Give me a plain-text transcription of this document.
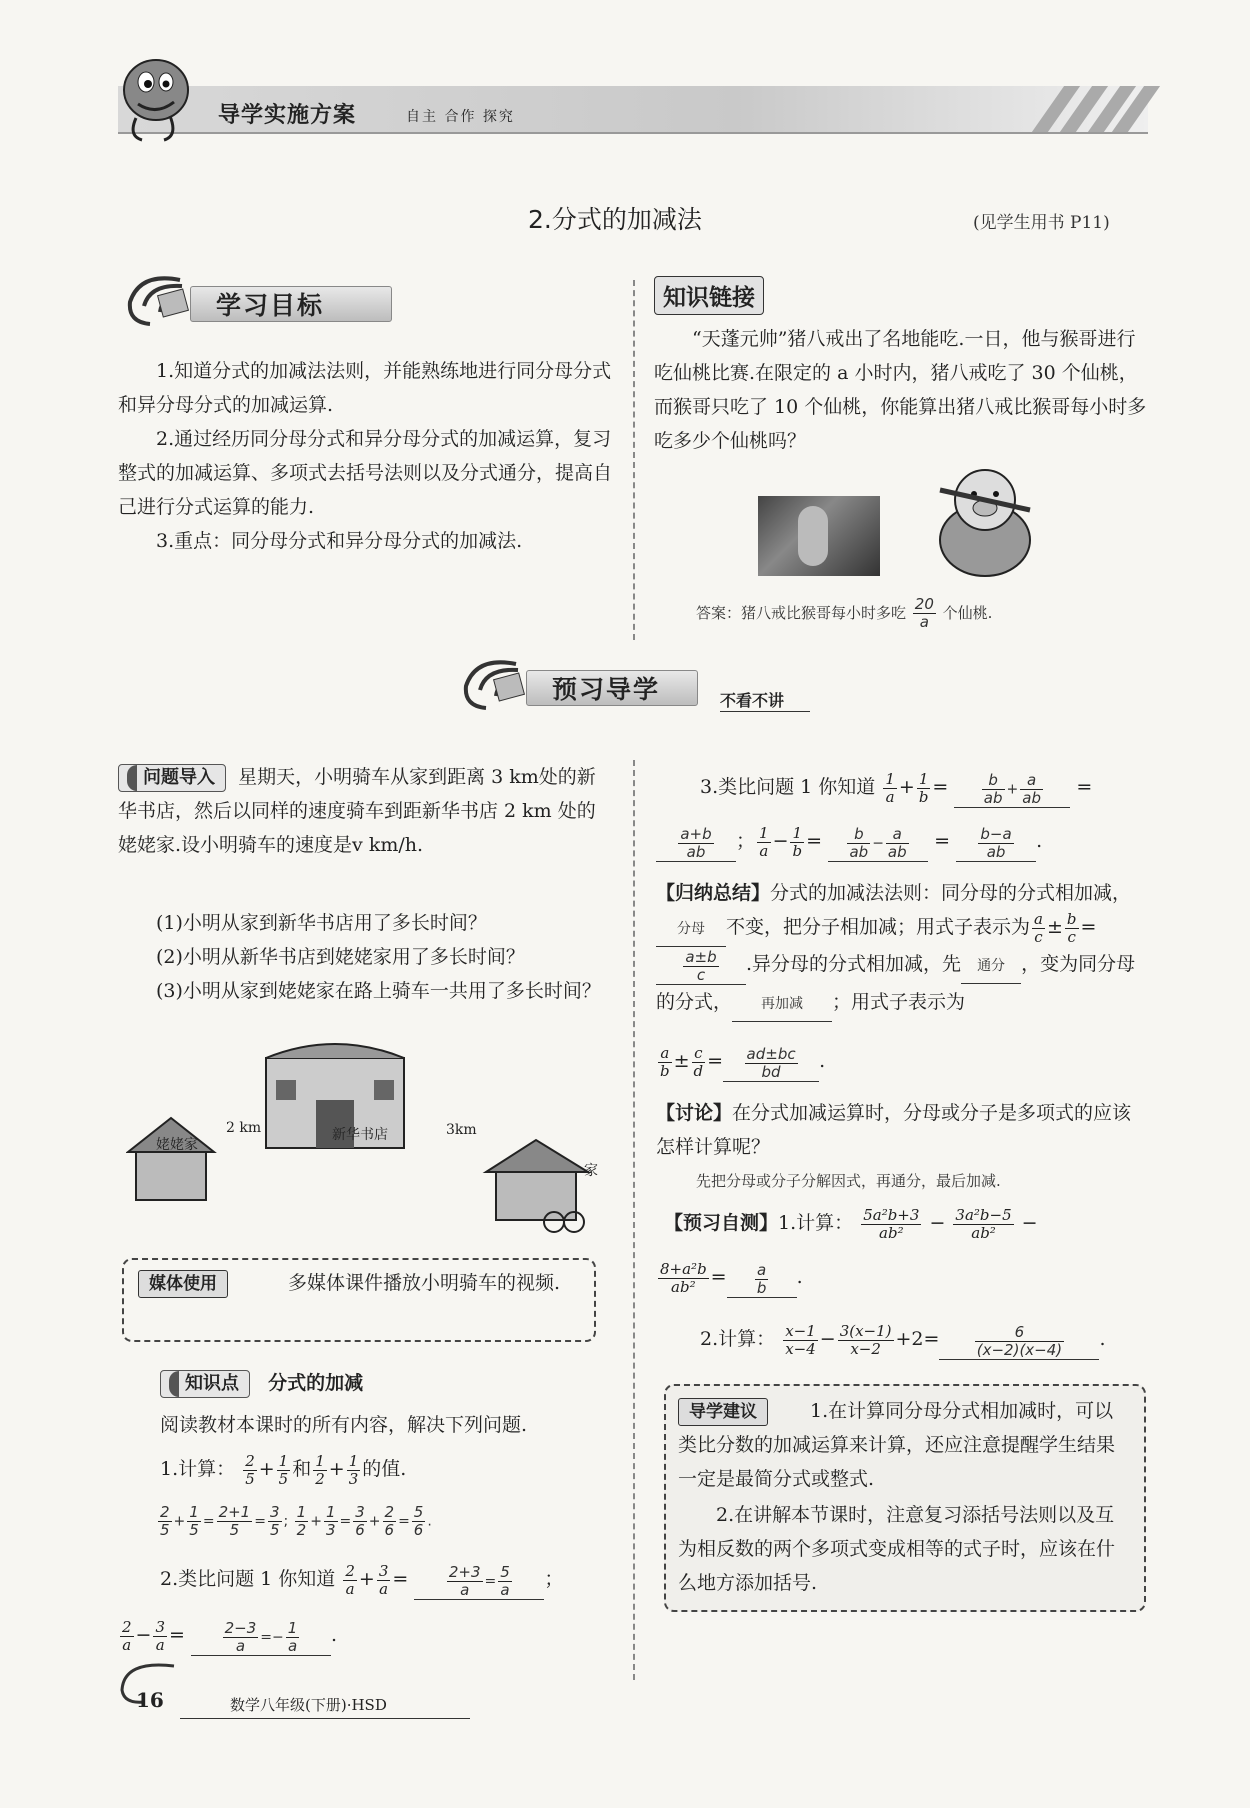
导学实施方案	自主 合作 探究
2.分式的加减法	(见学生用书 P11)
学习目标
1.知道分式的加减法法则，并能熟练地进行同分母分式和异分母分式的加减运算.
2.通过经历同分母分式和异分母分式的加减运算，复习整式的加减运算、多项式去括号法则以及分式通分，提高自己进行分式运算的能力.
3.重点：同分母分式和异分母分式的加减法.
知识链接
“天蓬元帅”猪八戒出了名地能吃.一日，他与猴哥进行吃仙桃比赛.在限定的 a 小时内，猪八戒吃了 30 个仙桃，而猴哥只吃了 10 个仙桃，你能算出猪八戒比猴哥每小时多吃多少个仙桃吗？
答案：猪八戒比猴哥每小时多吃 $\frac{20}{a}$ 个仙桃.
预习导学	不看不讲
问题导入 星期天，小明骑车从家到距离 3 km处的新华书店，然后以同样的速度骑车到距新华书店 2 km 处的姥姥家.设小明骑车的速度是v km/h.
(1)小明从家到新华书店用了多长时间？
(2)小明从新华书店到姥姥家用了多长时间？
(3)小明从家到姥姥家在路上骑车一共用了多长时间？
姥姥家
新华书店
家
2 km	3km
媒体使用	多媒体课件播放小明骑车的视频.
知识点 分式的加减
阅读教材本课时的所有内容，解决下列问题.
1.计算： $\frac{2}{5} + \frac{1}{5}$ 和 $\frac{1}{2} + \frac{1}{3}$ 的值.
$\frac{2}{5} + \frac{1}{5} = \frac{2+1}{5} = \frac{3}{5}$ ; $\frac{1}{2} + \frac{1}{3} = \frac{3}{6} + \frac{2}{6} = \frac{5}{6}$ .
2.类比问题 1 你知道 $\frac{2}{a} + \frac{3}{a} = \frac{2+3}{a} = \frac{5}{a}$ ；
$\frac{2}{a} - \frac{3}{a} = \frac{2-3}{a} =- \frac{1}{a}$ .
3.类比问题 1 你知道 $\frac{1}{a} + \frac{1}{b} = \frac{b}{ab} + \frac{a}{ab}$ =
$\frac{a+b}{ab}$ ； $\frac{1}{a} - \frac{1}{b} = \frac{b}{ab} - \frac{a}{ab} = \frac{b-a}{ab}$ .
【归纳总结】分式的加减法法则：同分母的分式相加减，分母 不变，把分子相加减；用式子表示为 $\frac{a}{c} \pm \frac{b}{c}$ =
$\frac{a\pm b}{c}$ .异分母的分式相加减，先 通分 ，变为同分母的分式， 再加减 ；用式子表示为
$\frac{a}{b} \pm \frac{c}{d} = \frac{ad\pm bc}{bd}$ .
【讨论】在分式加减运算时，分母或分子是多项式的应该怎样计算呢？
先把分母或分子分解因式，再通分，最后加减.
【预习自测】1.计算： $\frac{\text{5a²b+3}}{\text{ab²}} - \frac{\text{3a²b−5}}{\text{ab²}}$ −
$\frac{\text{8+a²b}}{\text{ab²}} = \frac{a}{b}$ .
2.计算： $\frac{x-1}{x-4} - \frac{3(x-1)}{x-2} +2= \frac{6}{(x-2)(x-4)}$ .
导学建议	1.在计算同分母分式相加减时，可以类比分数的加减运算来计算，还应注意提醒学生结果一定是最简分式或整式.
2.在讲解本节课时，注意复习添括号法则以及互为相反数的两个多项式变成相等的式子时，应该在什么地方添加括号.
16	数学八年级(下册)·HSD
